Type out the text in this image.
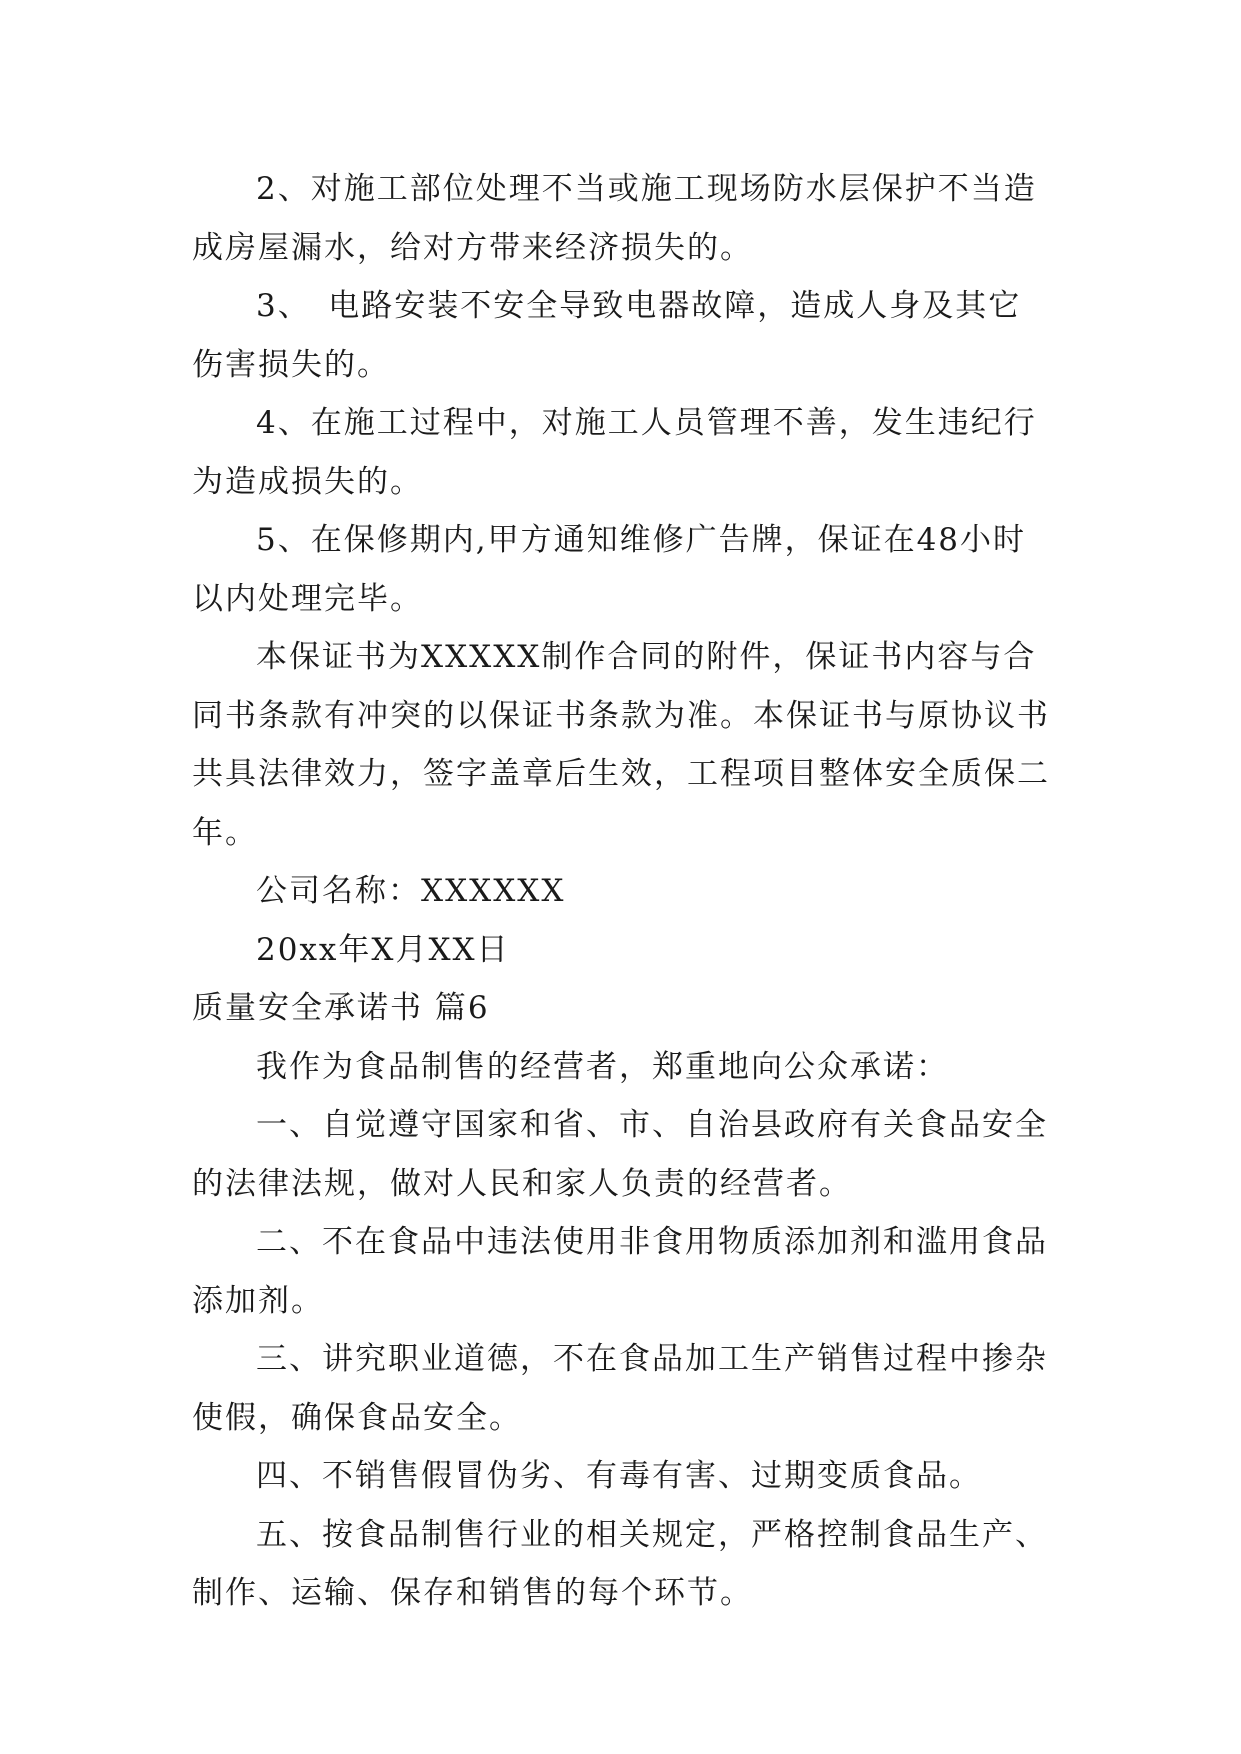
2、对施工部位处理不当或施工现场防水层保护不当造成房屋漏水，给对方带来经济损失的。

3、　电路安装不安全导致电器故障，造成人身及其它伤害损失的。

4、在施工过程中，对施工人员管理不善，发生违纪行为造成损失的。

5、在保修期内,甲方通知维修广告牌，保证在48小时以内处理完毕。

本保证书为XXXXX制作合同的附件，保证书内容与合同书条款有冲突的以保证书条款为准。本保证书与原协议书共具法律效力，签字盖章后生效，工程项目整体安全质保二年。

公司名称：XXXXXX

20xx年X月XX日

质量安全承诺书 篇6

我作为食品制售的经营者，郑重地向公众承诺：

一、自觉遵守国家和省、市、自治县政府有关食品安全的法律法规，做对人民和家人负责的经营者。

二、不在食品中违法使用非食用物质添加剂和滥用食品添加剂。

三、讲究职业道德，不在食品加工生产销售过程中掺杂使假，确保食品安全。

四、不销售假冒伪劣、有毒有害、过期变质食品。

五、按食品制售行业的相关规定，严格控制食品生产、制作、运输、保存和销售的每个环节。
